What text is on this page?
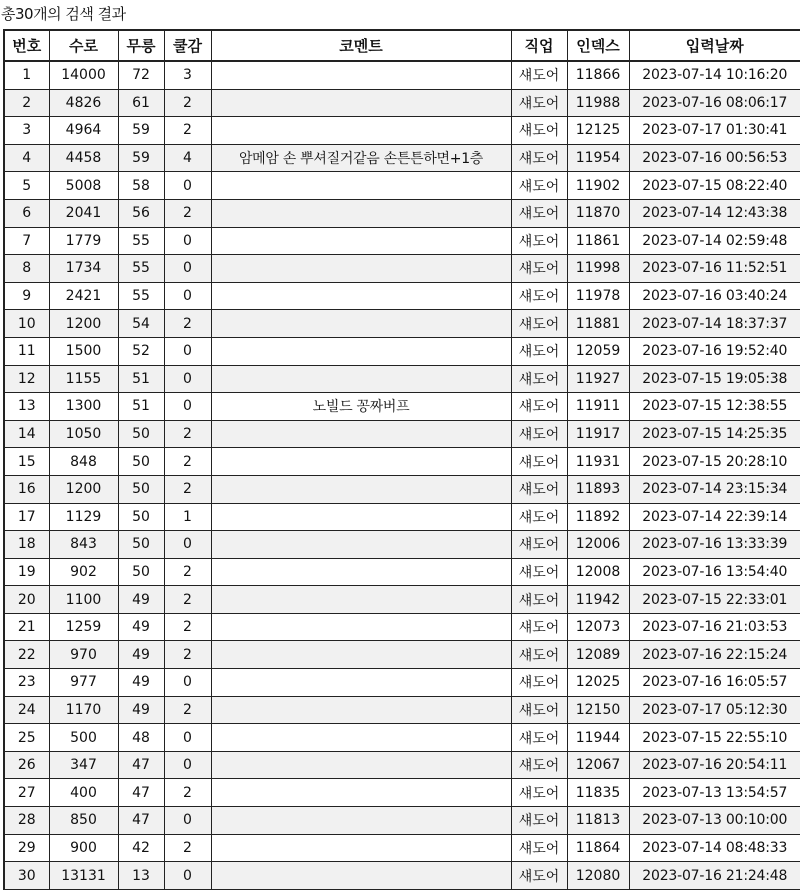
총30개의 검색 결과
번호	수로	무릉	쿨감	코멘트	직업	인덱스	입력날짜
1	14000	72	3		섀도어	11866	2023-07-14 10:16:20
2	4826	61	2		섀도어	11988	2023-07-16 08:06:17
3	4964	59	2		섀도어	12125	2023-07-17 01:30:41
4	4458	59	4	암메암 손 뿌셔질거같음 손튼튼하면+1층	섀도어	11954	2023-07-16 00:56:53
5	5008	58	0		섀도어	11902	2023-07-15 08:22:40
6	2041	56	2		섀도어	11870	2023-07-14 12:43:38
7	1779	55	0		섀도어	11861	2023-07-14 02:59:48
8	1734	55	0		섀도어	11998	2023-07-16 11:52:51
9	2421	55	0		섀도어	11978	2023-07-16 03:40:24
10	1200	54	2		섀도어	11881	2023-07-14 18:37:37
11	1500	52	0		섀도어	12059	2023-07-16 19:52:40
12	1155	51	0		섀도어	11927	2023-07-15 19:05:38
13	1300	51	0	노빌드 꽁짜버프	섀도어	11911	2023-07-15 12:38:55
14	1050	50	2		섀도어	11917	2023-07-15 14:25:35
15	848	50	2		섀도어	11931	2023-07-15 20:28:10
16	1200	50	2		섀도어	11893	2023-07-14 23:15:34
17	1129	50	1		섀도어	11892	2023-07-14 22:39:14
18	843	50	0		섀도어	12006	2023-07-16 13:33:39
19	902	50	2		섀도어	12008	2023-07-16 13:54:40
20	1100	49	2		섀도어	11942	2023-07-15 22:33:01
21	1259	49	2		섀도어	12073	2023-07-16 21:03:53
22	970	49	2		섀도어	12089	2023-07-16 22:15:24
23	977	49	0		섀도어	12025	2023-07-16 16:05:57
24	1170	49	2		섀도어	12150	2023-07-17 05:12:30
25	500	48	0		섀도어	11944	2023-07-15 22:55:10
26	347	47	0		섀도어	12067	2023-07-16 20:54:11
27	400	47	2		섀도어	11835	2023-07-13 13:54:57
28	850	47	0		섀도어	11813	2023-07-13 00:10:00
29	900	42	2		섀도어	11864	2023-07-14 08:48:33
30	13131	13	0		섀도어	12080	2023-07-16 21:24:48
